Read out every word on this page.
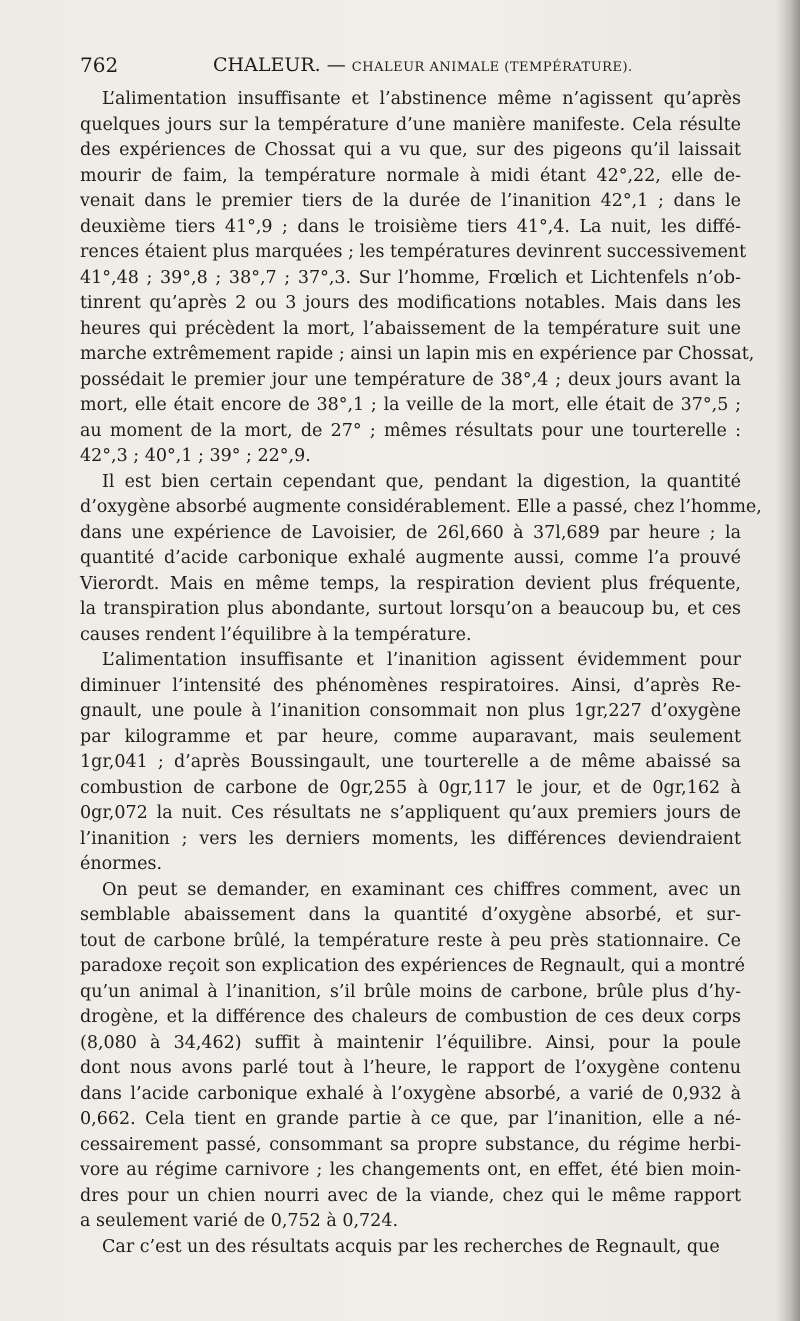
762	CHALEUR. — CHALEUR ANIMALE (TEMPÉRATURE).
L’alimentation insuffisante et l’abstinence même n’agissent qu’après
quelques jours sur la température d’une manière manifeste. Cela résulte
des expériences de Chossat qui a vu que, sur des pigeons qu’il laissait
mourir de faim, la température normale à midi étant 42°,22, elle de-
venait dans le premier tiers de la durée de l’inanition 42°,1 ; dans le
deuxième tiers 41°,9 ; dans le troisième tiers 41°,4. La nuit, les diffé-
rences étaient plus marquées ; les températures devinrent successivement
41°,48 ; 39°,8 ; 38°,7 ; 37°,3. Sur l’homme, Frœlich et Lichtenfels n’ob-
tinrent qu’après 2 ou 3 jours des modifications notables. Mais dans les
heures qui précèdent la mort, l’abaissement de la température suit une
marche extrêmement rapide ; ainsi un lapin mis en expérience par Chossat,
possédait le premier jour une température de 38°,4 ; deux jours avant la
mort, elle était encore de 38°,1 ; la veille de la mort, elle était de 37°,5 ;
au moment de la mort, de 27° ; mêmes résultats pour une tourterelle :
42°,3 ; 40°,1 ; 39° ; 22°,9.
Il est bien certain cependant que, pendant la digestion, la quantité
d’oxygène absorbé augmente considérablement. Elle a passé, chez l’homme,
dans une expérience de Lavoisier, de 26l,660 à 37l,689 par heure ; la
quantité d’acide carbonique exhalé augmente aussi, comme l’a prouvé
Vierordt. Mais en même temps, la respiration devient plus fréquente,
la transpiration plus abondante, surtout lorsqu’on a beaucoup bu, et ces
causes rendent l’équilibre à la température.
L’alimentation insuffisante et l’inanition agissent évidemment pour
diminuer l’intensité des phénomènes respiratoires. Ainsi, d’après Re-
gnault, une poule à l’inanition consommait non plus 1gr,227 d’oxygène
par kilogramme et par heure, comme auparavant, mais seulement
1gr,041 ; d’après Boussingault, une tourterelle a de même abaissé sa
combustion de carbone de 0gr,255 à 0gr,117 le jour, et de 0gr,162 à
0gr,072 la nuit. Ces résultats ne s’appliquent qu’aux premiers jours de
l’inanition ; vers les derniers moments, les différences deviendraient
énormes.
On peut se demander, en examinant ces chiffres comment, avec un
semblable abaissement dans la quantité d’oxygène absorbé, et sur-
tout de carbone brûlé, la température reste à peu près stationnaire. Ce
paradoxe reçoit son explication des expériences de Regnault, qui a montré
qu’un animal à l’inanition, s’il brûle moins de carbone, brûle plus d’hy-
drogène, et la différence des chaleurs de combustion de ces deux corps
(8,080 à 34,462) suffit à maintenir l’équilibre. Ainsi, pour la poule
dont nous avons parlé tout à l’heure, le rapport de l’oxygène contenu
dans l’acide carbonique exhalé à l’oxygène absorbé, a varié de 0,932 à
0,662. Cela tient en grande partie à ce que, par l’inanition, elle a né-
cessairement passé, consommant sa propre substance, du régime herbi-
vore au régime carnivore ; les changements ont, en effet, été bien moin-
dres pour un chien nourri avec de la viande, chez qui le même rapport
a seulement varié de 0,752 à 0,724.
Car c’est un des résultats acquis par les recherches de Regnault, que
